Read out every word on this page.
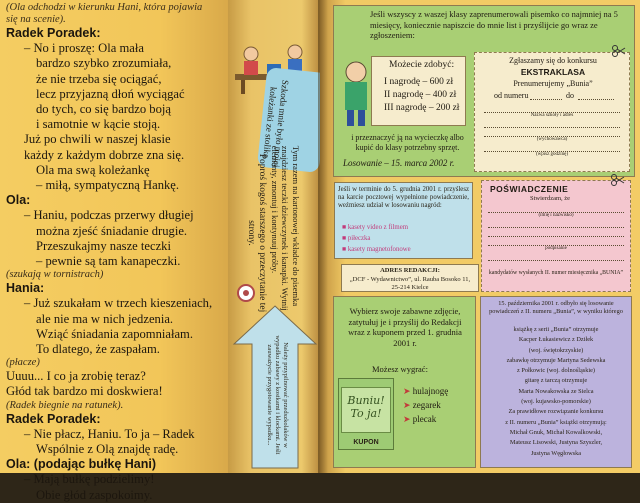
(Ola odchodzi w kierunku Hani, która pojawia
się na scenie).
Radek Poradek:
– No i proszę: Ola mała
bardzo szybko zrozumiała,
że nie trzeba się ociągać,
lecz przyjazną dłoń wyciągać
do tych, co się bardzo boją
i samotnie w kącie stoją.
Już po chwili w naszej klasie
każdy z każdym dobrze zna się.
Ola ma swą koleżankę
– miłą, sympatyczną Hankę.
Ola:
– Haniu, podczas przerwy długiej
można zjeść śniadanie drugie.
Przeszukajmy nasze teczki
– pewnie są tam kanapeczki.
(szukają w tornistrach)
Hania:
– Już szukałam w trzech kieszeniach,
ale nie ma w nich jedzenia.
Wziąć śniadania zapomniałam.
To dlatego, że zaspałam.
(płacze)
Uuuu... I co ja zrobię teraz?
Głód tak bardzo mi doskwiera!
(Radek biegnie na ratunek).
Radek Poradek:
– Nie płacz, Haniu. To ja – Radek
Wspólnie z Olą znajdę radę.
Ola: (podając bułkę Hani)
– Mają bułkę podzielimy!
Obie głód zaspokoimy.
Szkoda mnie było mojej koleżanki ze stolika
Poproś kogoś starszego o przeczytanie tej strony.	Tym razem na kartonowej wkładce do pisemka znajdziesz teczki dziewczynek i kanapki. Wytnij elementy, zmontuj i kontynuuj próby.
Należy przypilnować przedszkolaków w wypadku zabawy z kostkami i klockami. Jeśli zauważycie przygotowanie wypadku...
Jeśli wszyscy z waszej klasy zaprenumerowali pisemko co najmniej na 5 miesięcy, koniecznie napiszcie do mnie list i przyślijcie go wraz ze zgłoszeniem:
Możecie zdobyć:
I nagrodę – 600 zł
II nagrodę – 400 zł
III nagrodę – 200 zł
i przeznaczyć ją na wycieczkę albo kupić do klasy potrzebny sprzęt.
Losowanie – 15. marca 2002 r.
Zgłaszamy się do konkursu
EKSTRAKLASA
Prenumerujemy „Bunia”
od numeru	do
Nazwa szkoły i adres
(wychowawca)
(wpisz godzinę)
Jeśli w terminie do 5. grudnia 2001 r. przyślesz na karcie pocztowej wypełnione powiadczenie, weźmiesz udział w losowaniu nagród:
■ kasety video z filmem
■ piłeczka
■ kasety magnetofonowe
ADRES REDAKCJI:
„DCF - Wydawnictwo”, ul. Rauba Bosoko 11, 25-214 Kielce
POŚWIADCZENIE
Stwierdzam, że
(imię i nazwisko)
podpisanie
kandydatów wysłanych II. numer miesięcznika „BUNIA”
Wybierz swoje zabawne zdjęcie, zatytułuj je i przyślij do Redakcji wraz z kuponem przed 1. grudnia 2001 r.
Możesz wygrać:
Buniu! To ja!
KUPON
➤ hulajnogę
➤ zegarek
➤ plecak
15. października 2001 r. odbyło się losowanie powiadczeń z II. numeru „Bunia”, w wyniku którego
książkę z serii „Bunia” otrzymuje
Kacper Łukasiewicz z Dziłek
(woj. świętokrzyskie)
zabawkę otrzymuje Martyna Sedewska
z Połkowic (woj. dolnośląskie)
gitarę z tarczą otrzymuje
Marta Nowakowska ze Sielca
(woj. kujawsko-pomorskie)
Za prawidłowe rozwiązanie konkursu
z II. numeru „Bunia” książki otrzymują:
Michał Gnuk, Michał Kowalkowski,
Mateusz Lisowski, Justyna Szyszler,
Justyna Węgłowska
